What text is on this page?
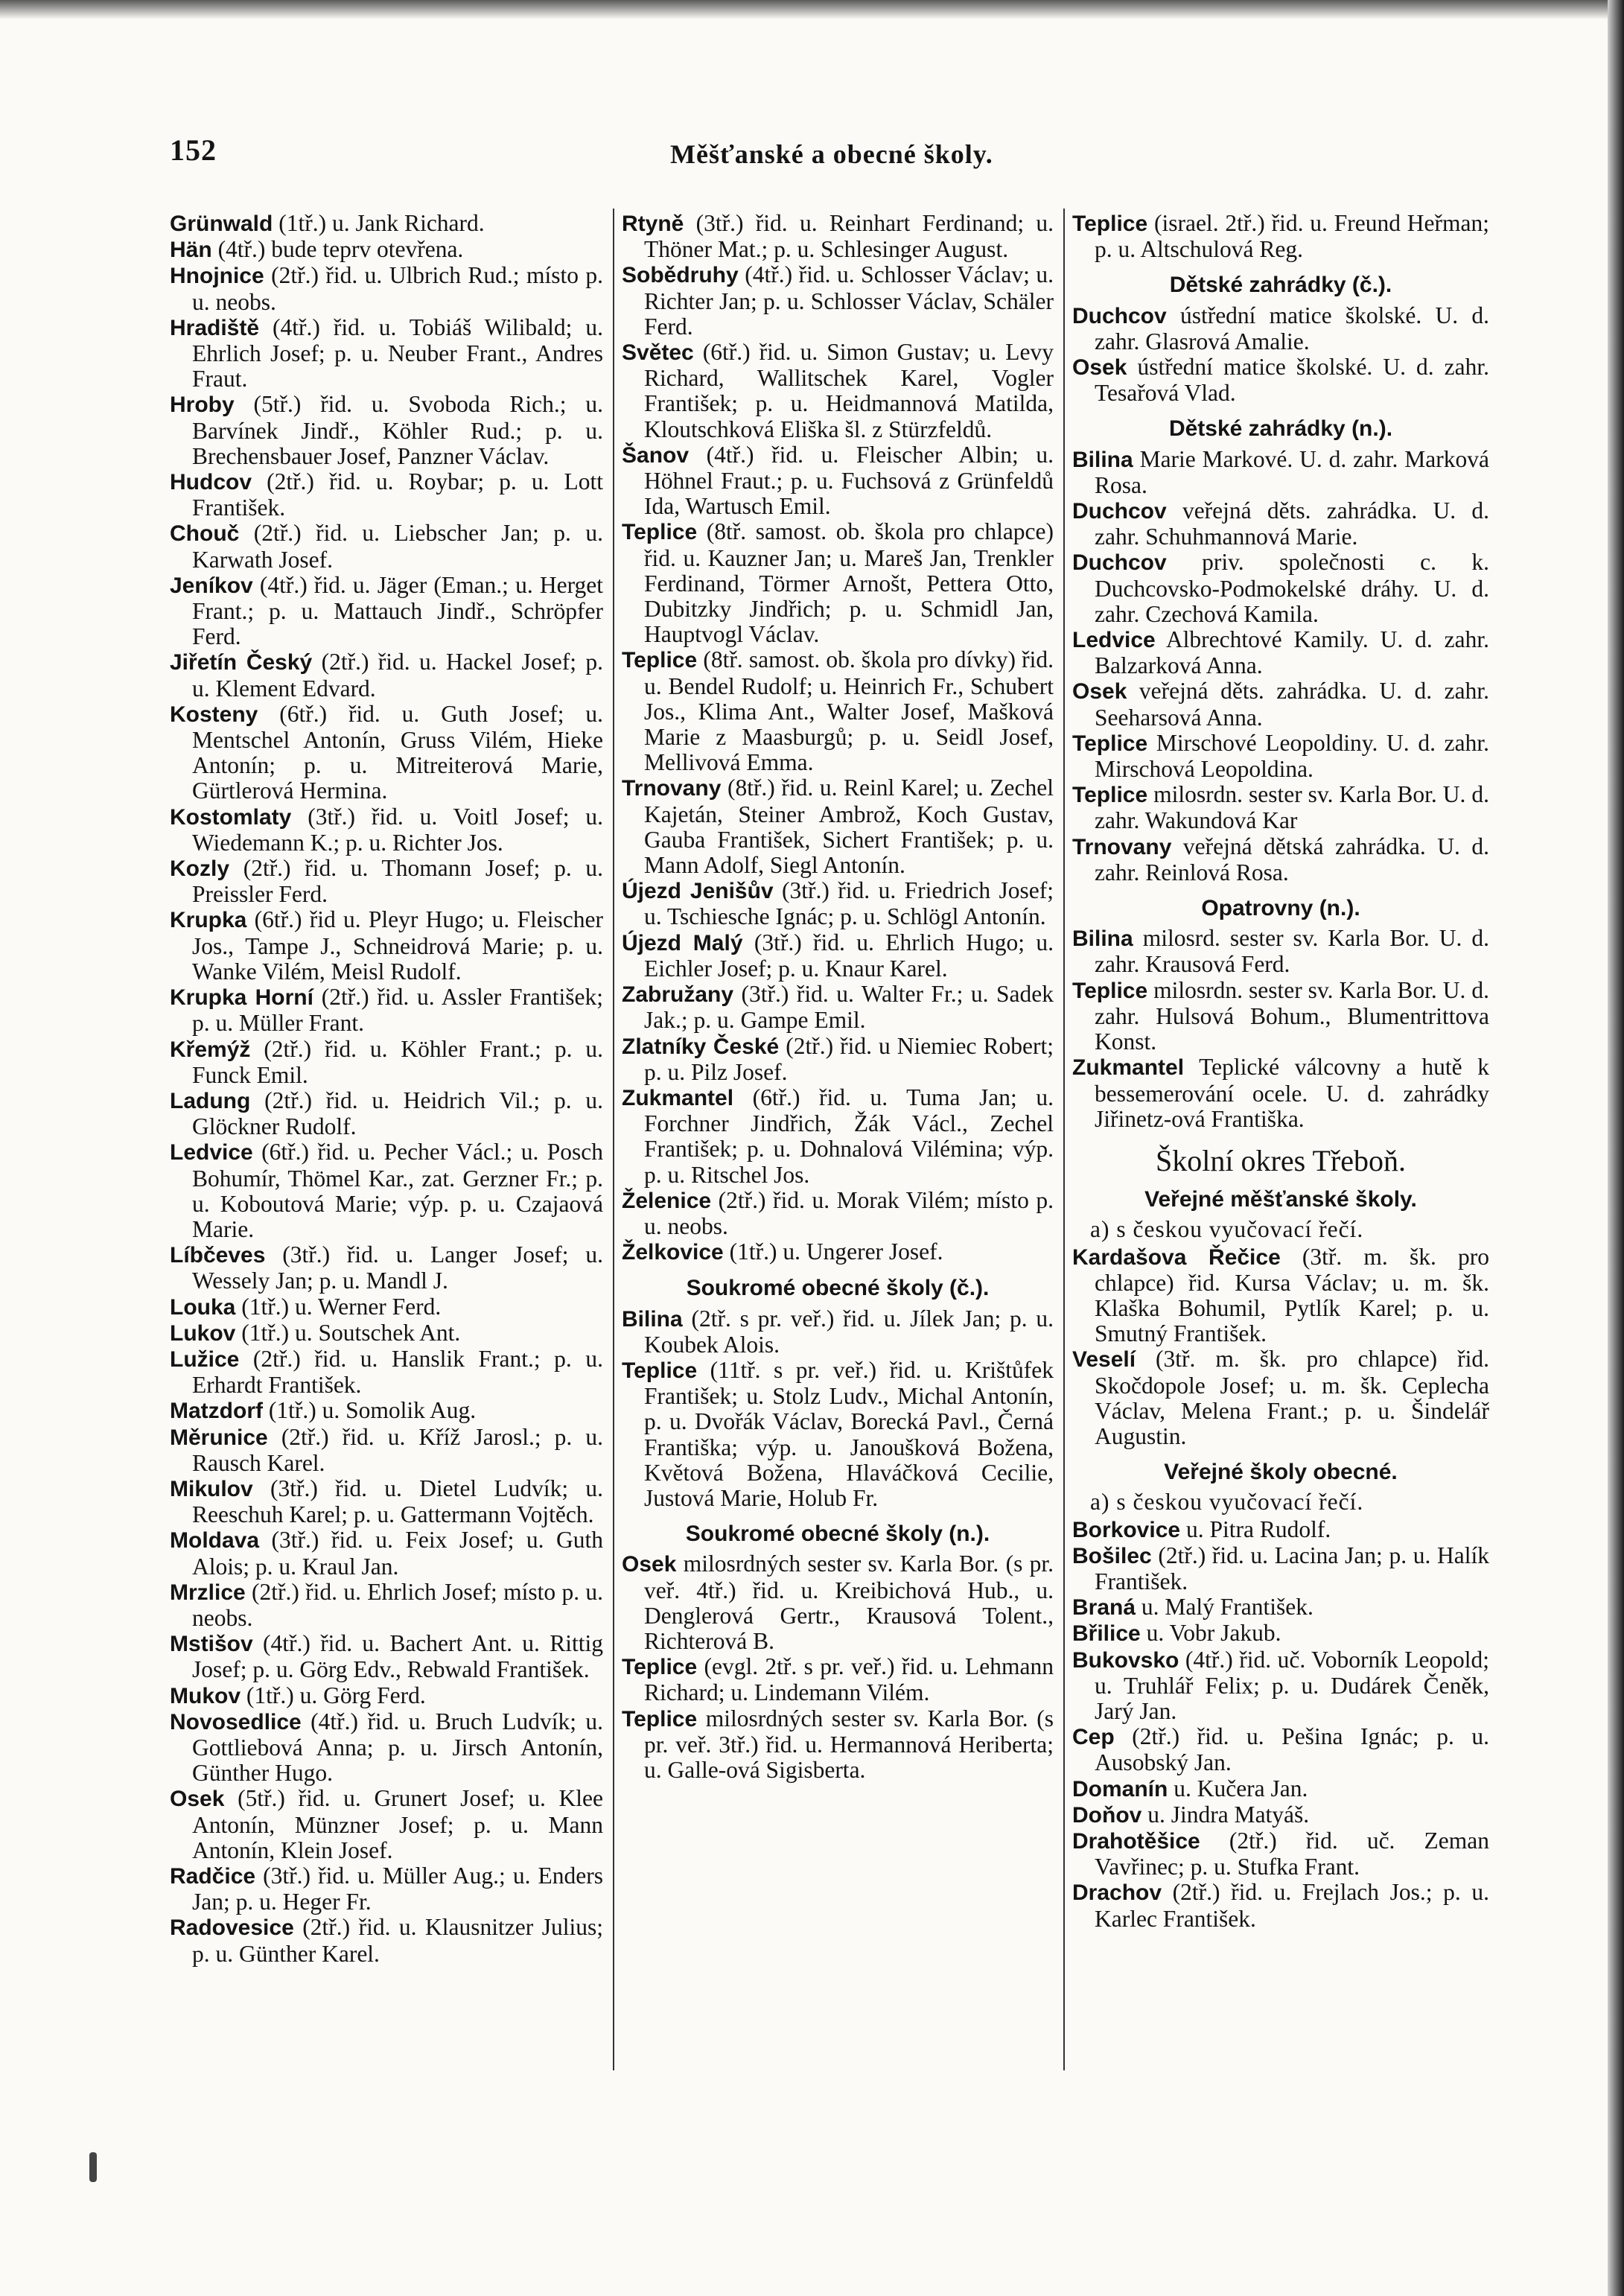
152	Měšťanské a obecné školy.

Grünwald (1tř.) u. Jank Richard.

Hän (4tř.) bude teprv otevřena.

Hnojnice (2tř.) řid. u. Ulbrich Rud.; místo p. u. neobs.

Hradiště (4tř.) řid. u. Tobiáš Wilibald; u. Ehrlich Josef; p. u. Neuber Frant., Andres Fraut.

Hroby (5tř.) řid. u. Svoboda Rich.; u. Barvínek Jindř., Köhler Rud.; p. u. Brechensbauer Josef, Panzner Václav.

Hudcov (2tř.) řid. u. Roybar; p. u. Lott František.

Chouč (2tř.) řid. u. Liebscher Jan; p. u. Karwath Josef.

Jeníkov (4tř.) řid. u. Jäger (Eman.; u. Herget Frant.; p. u. Mattauch Jindř., Schröpfer Ferd.

Jiřetín Český (2tř.) řid. u. Hackel Josef; p. u. Klement Edvard.

Kosteny (6tř.) řid. u. Guth Josef; u. Mentschel Antonín, Gruss Vilém, Hieke Antonín; p. u. Mitreiterová Marie, Gürtlerová Hermina.

Kostomlaty (3tř.) řid. u. Voitl Josef; u. Wiedemann K.; p. u. Richter Jos.

Kozly (2tř.) řid. u. Thomann Josef; p. u. Preissler Ferd.

Krupka (6tř.) řid u. Pleyr Hugo; u. Fleischer Jos., Tampe J., Schneidrová Marie; p. u. Wanke Vilém, Meisl Rudolf.

Krupka Horní (2tř.) řid. u. Assler František; p. u. Müller Frant.

Křemýž (2tř.) řid. u. Köhler Frant.; p. u. Funck Emil.

Ladung (2tř.) řid. u. Heidrich Vil.; p. u. Glöckner Rudolf.

Ledvice (6tř.) řid. u. Pecher Václ.; u. Posch Bohumír, Thömel Kar., zat. Gerzner Fr.; p. u. Koboutová Marie; výp. p. u. Czajaová Marie.

Líbčeves (3tř.) řid. u. Langer Josef; u. Wessely Jan; p. u. Mandl J.

Louka (1tř.) u. Werner Ferd.

Lukov (1tř.) u. Soutschek Ant.

Lužice (2tř.) řid. u. Hanslik Frant.; p. u. Erhardt František.

Matzdorf (1tř.) u. Somolik Aug.

Měrunice (2tř.) řid. u. Kříž Jarosl.; p. u. Rausch Karel.

Mikulov (3tř.) řid. u. Dietel Ludvík; u. Reeschuh Karel; p. u. Gattermann Vojtěch.

Moldava (3tř.) řid. u. Feix Josef; u. Guth Alois; p. u. Kraul Jan.

Mrzlice (2tř.) řid. u. Ehrlich Josef; místo p. u. neobs.

Mstišov (4tř.) řid. u. Bachert Ant. u. Rittig Josef; p. u. Görg Edv., Rebwald František.

Mukov (1tř.) u. Görg Ferd.

Novosedlice (4tř.) řid. u. Bruch Ludvík; u. Gottliebová Anna; p. u. Jirsch Antonín, Günther Hugo.

Osek (5tř.) řid. u. Grunert Josef; u. Klee Antonín, Münzner Josef; p. u. Mann Antonín, Klein Josef.

Radčice (3tř.) řid. u. Müller Aug.; u. Enders Jan; p. u. Heger Fr.

Radovesice (2tř.) řid. u. Klausnitzer Julius; p. u. Günther Karel.

Rtyně (3tř.) řid. u. Reinhart Ferdinand; u. Thöner Mat.; p. u. Schlesinger August.

Sobědruhy (4tř.) řid. u. Schlosser Václav; u. Richter Jan; p. u. Schlosser Václav, Schäler Ferd.

Světec (6tř.) řid. u. Simon Gustav; u. Levy Richard, Wallitschek Karel, Vogler František; p. u. Heidmannová Matilda, Kloutschková Eliška šl. z Stürzfeldů.

Šanov (4tř.) řid. u. Fleischer Albin; u. Höhnel Fraut.; p. u. Fuchsová z Grünfeldů Ida, Wartusch Emil.

Teplice (8tř. samost. ob. škola pro chlapce) řid. u. Kauzner Jan; u. Mareš Jan, Trenkler Ferdinand, Törmer Arnošt, Pettera Otto, Dubitzky Jindřich; p. u. Schmidl Jan, Hauptvogl Václav.

Teplice (8tř. samost. ob. škola pro dívky) řid. u. Bendel Rudolf; u. Heinrich Fr., Schubert Jos., Klima Ant., Walter Josef, Mašková Marie z Maasburgů; p. u. Seidl Josef, Mellivová Emma.

Trnovany (8tř.) řid. u. Reinl Karel; u. Zechel Kajetán, Steiner Ambrož, Koch Gustav, Gauba František, Sichert František; p. u. Mann Adolf, Siegl Antonín.

Újezd Jenišův (3tř.) řid. u. Friedrich Josef; u. Tschiesche Ignác; p. u. Schlögl Antonín.

Újezd Malý (3tř.) řid. u. Ehrlich Hugo; u. Eichler Josef; p. u. Knaur Karel.

Zabružany (3tř.) řid. u. Walter Fr.; u. Sadek Jak.; p. u. Gampe Emil.

Zlatníky České (2tř.) řid. u Niemiec Robert; p. u. Pilz Josef.

Zukmantel (6tř.) řid. u. Tuma Jan; u. Forchner Jindřich, Žák Václ., Zechel František; p. u. Dohnalová Vilémina; výp. p. u. Ritschel Jos.

Želenice (2tř.) řid. u. Morak Vilém; místo p. u. neobs.

Želkovice (1tř.) u. Ungerer Josef.

Soukromé obecné školy (č.).

Bilina (2tř. s pr. veř.) řid. u. Jílek Jan; p. u. Koubek Alois.

Teplice (11tř. s pr. veř.) řid. u. Krištůfek František; u. Stolz Ludv., Michal Antonín, p. u. Dvořák Václav, Borecká Pavl., Černá Františka; výp. u. Janoušková Božena, Květová Božena, Hlaváčková Cecilie, Justová Marie, Holub Fr.

Soukromé obecné školy (n.).

Osek milosrdných sester sv. Karla Bor. (s pr. veř. 4tř.) řid. u. Kreibichová Hub., u. Denglerová Gertr., Krausová Tolent., Richterová B.

Teplice (evgl. 2tř. s pr. veř.) řid. u. Lehmann Richard; u. Lindemann Vilém.

Teplice milosrdných sester sv. Karla Bor. (s pr. veř. 3tř.) řid. u. Hermannová Heriberta; u. Galle-ová Sigisberta.

Teplice (israel. 2tř.) řid. u. Freund Heřman; p. u. Altschulová Reg.

Dětské zahrádky (č.).

Duchcov ústřední matice školské. U. d. zahr. Glasrová Amalie.

Osek ústřední matice školské. U. d. zahr. Tesařová Vlad.

Dětské zahrádky (n.).

Bilina Marie Markové. U. d. zahr. Marková Rosa.

Duchcov veřejná děts. zahrádka. U. d. zahr. Schuhmannová Marie.

Duchcov priv. společnosti c. k. Duchcovsko-Podmokelské dráhy. U. d. zahr. Czechová Kamila.

Ledvice Albrechtové Kamily. U. d. zahr. Balzarková Anna.

Osek veřejná děts. zahrádka. U. d. zahr. Seeharsová Anna.

Teplice Mirschové Leopoldiny. U. d. zahr. Mirschová Leopoldina.

Teplice milosrdn. sester sv. Karla Bor. U. d. zahr. Wakundová Kar

Trnovany veřejná dětská zahrádka. U. d. zahr. Reinlová Rosa.

Opatrovny (n.).

Bilina milosrd. sester sv. Karla Bor. U. d. zahr. Krausová Ferd.

Teplice milosrdn. sester sv. Karla Bor. U. d. zahr. Hulsová Bohum., Blumentrittova Konst.

Zukmantel Teplické válcovny a hutě k bessemerování ocele. U. d. zahrádky Jiřinetz-ová Františka.

Školní okres Třeboň.
Veřejné měšťanské školy.
a) s českou vyučovací řečí.

Kardašova Řečice (3tř. m. šk. pro chlapce) řid. Kursa Václav; u. m. šk. Klaška Bohumil, Pytlík Karel; p. u. Smutný František.

Veselí (3tř. m. šk. pro chlapce) řid. Skočdopole Josef; u. m. šk. Ceplecha Václav, Melena Frant.; p. u. Šindelář Augustin.

Veřejné školy obecné.
a) s českou vyučovací řečí.

Borkovice u. Pitra Rudolf.

Bošilec (2tř.) řid. u. Lacina Jan; p. u. Halík František.

Braná u. Malý František.

Břilice u. Vobr Jakub.

Bukovsko (4tř.) řid. uč. Voborník Leopold; u. Truhlář Felix; p. u. Dudárek Čeněk, Jarý Jan.

Cep (2tř.) řid. u. Pešina Ignác; p. u. Ausobský Jan.

Domanín u. Kučera Jan.

Doňov u. Jindra Matyáš.

Drahotěšice (2tř.) řid. uč. Zeman Vavřinec; p. u. Stufka Frant.

Drachov (2tř.) řid. u. Frejlach Jos.; p. u. Karlec František.
